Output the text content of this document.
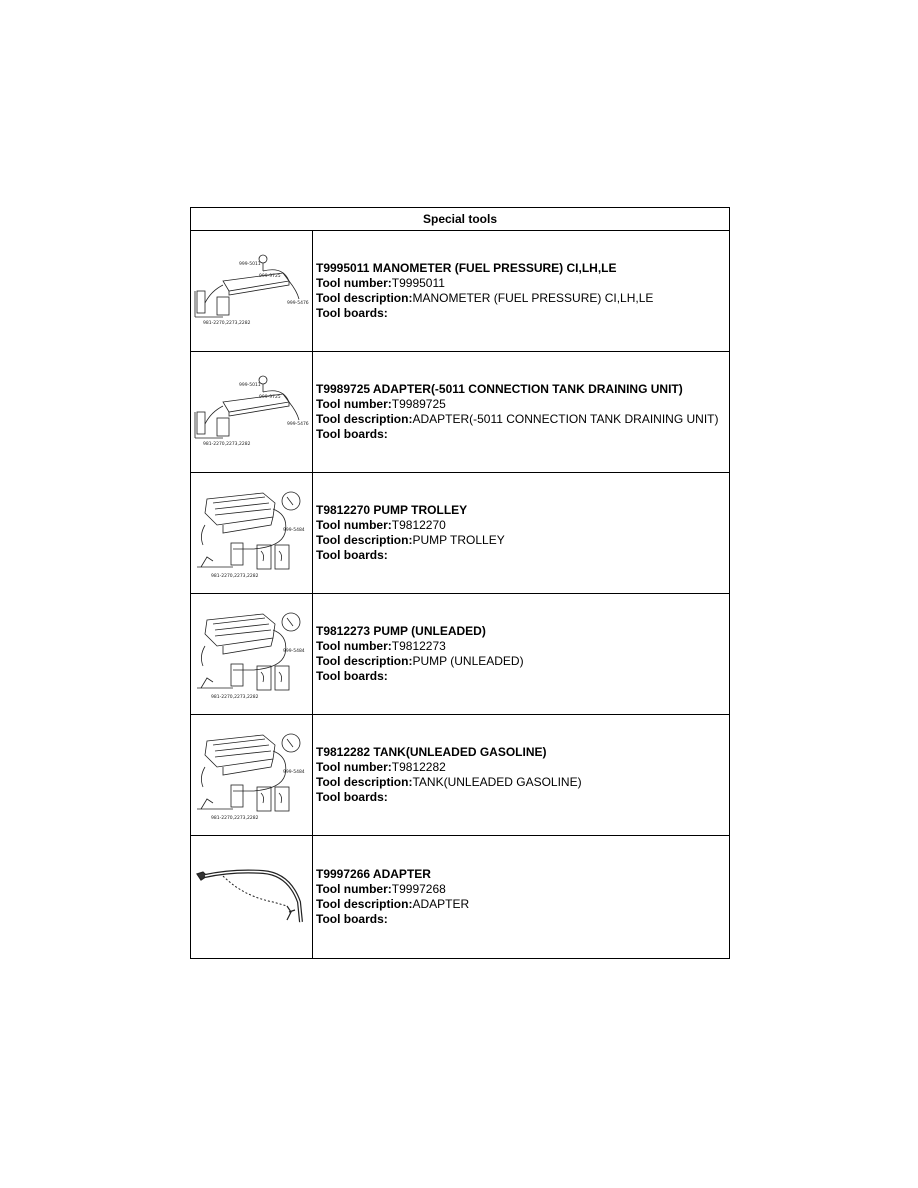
Special tools
999-5011
999-9725
999-5476
981-2270,2273,2282
T9995011 MANOMETER (FUEL PRESSURE) CI,LH,LE
Tool number:T9995011
Tool description:MANOMETER (FUEL PRESSURE) CI,LH,LE
Tool boards:
999-5011
999-9725
999-5476
981-2270,2273,2282
T9989725 ADAPTER(-5011 CONNECTION TANK DRAINING UNIT)
Tool number:T9989725
Tool description:ADAPTER(-5011 CONNECTION TANK DRAINING UNIT)
Tool boards:
999-5484
981-2270,2273,2282
T9812270 PUMP TROLLEY
Tool number:T9812270
Tool description:PUMP TROLLEY
Tool boards:
999-5484
981-2270,2273,2282
T9812273 PUMP (UNLEADED)
Tool number:T9812273
Tool description:PUMP (UNLEADED)
Tool boards:
999-5484
981-2270,2273,2282
T9812282 TANK(UNLEADED GASOLINE)
Tool number:T9812282
Tool description:TANK(UNLEADED GASOLINE)
Tool boards:
T9997266 ADAPTER
Tool number:T9997268
Tool description:ADAPTER
Tool boards:
